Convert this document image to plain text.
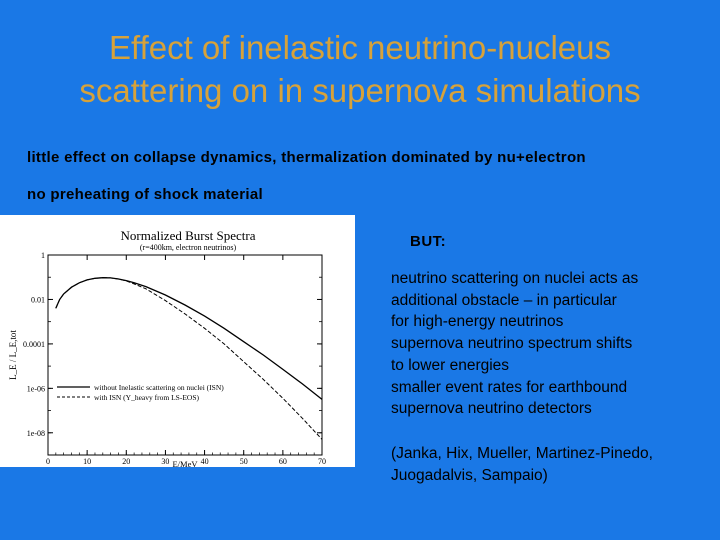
Effect of inelastic neutrino-nucleus
scattering on in supernova simulations
little effect on collapse dynamics, thermalization dominated by nu+electron
no preheating of shock material
Normalized Burst Spectra
(r=400km, electron neutrinos)
0	10	20	30	40	50	60	70
1
0.01
0.0001
1e-06
1e-08
without Inelastic scattering on nuclei (ISN)
with ISN (Y_heavy from LS-EOS)
E/MeV
L_E / L_E,tot
BUT:
neutrino scattering on nuclei acts as
additional obstacle – in particular
for high-energy neutrinos
supernova neutrino spectrum shifts
to lower energies
smaller event rates for earthbound
supernova neutrino detectors
(Janka, Hix, Mueller, Martinez-Pinedo,
Juogadalvis, Sampaio)
